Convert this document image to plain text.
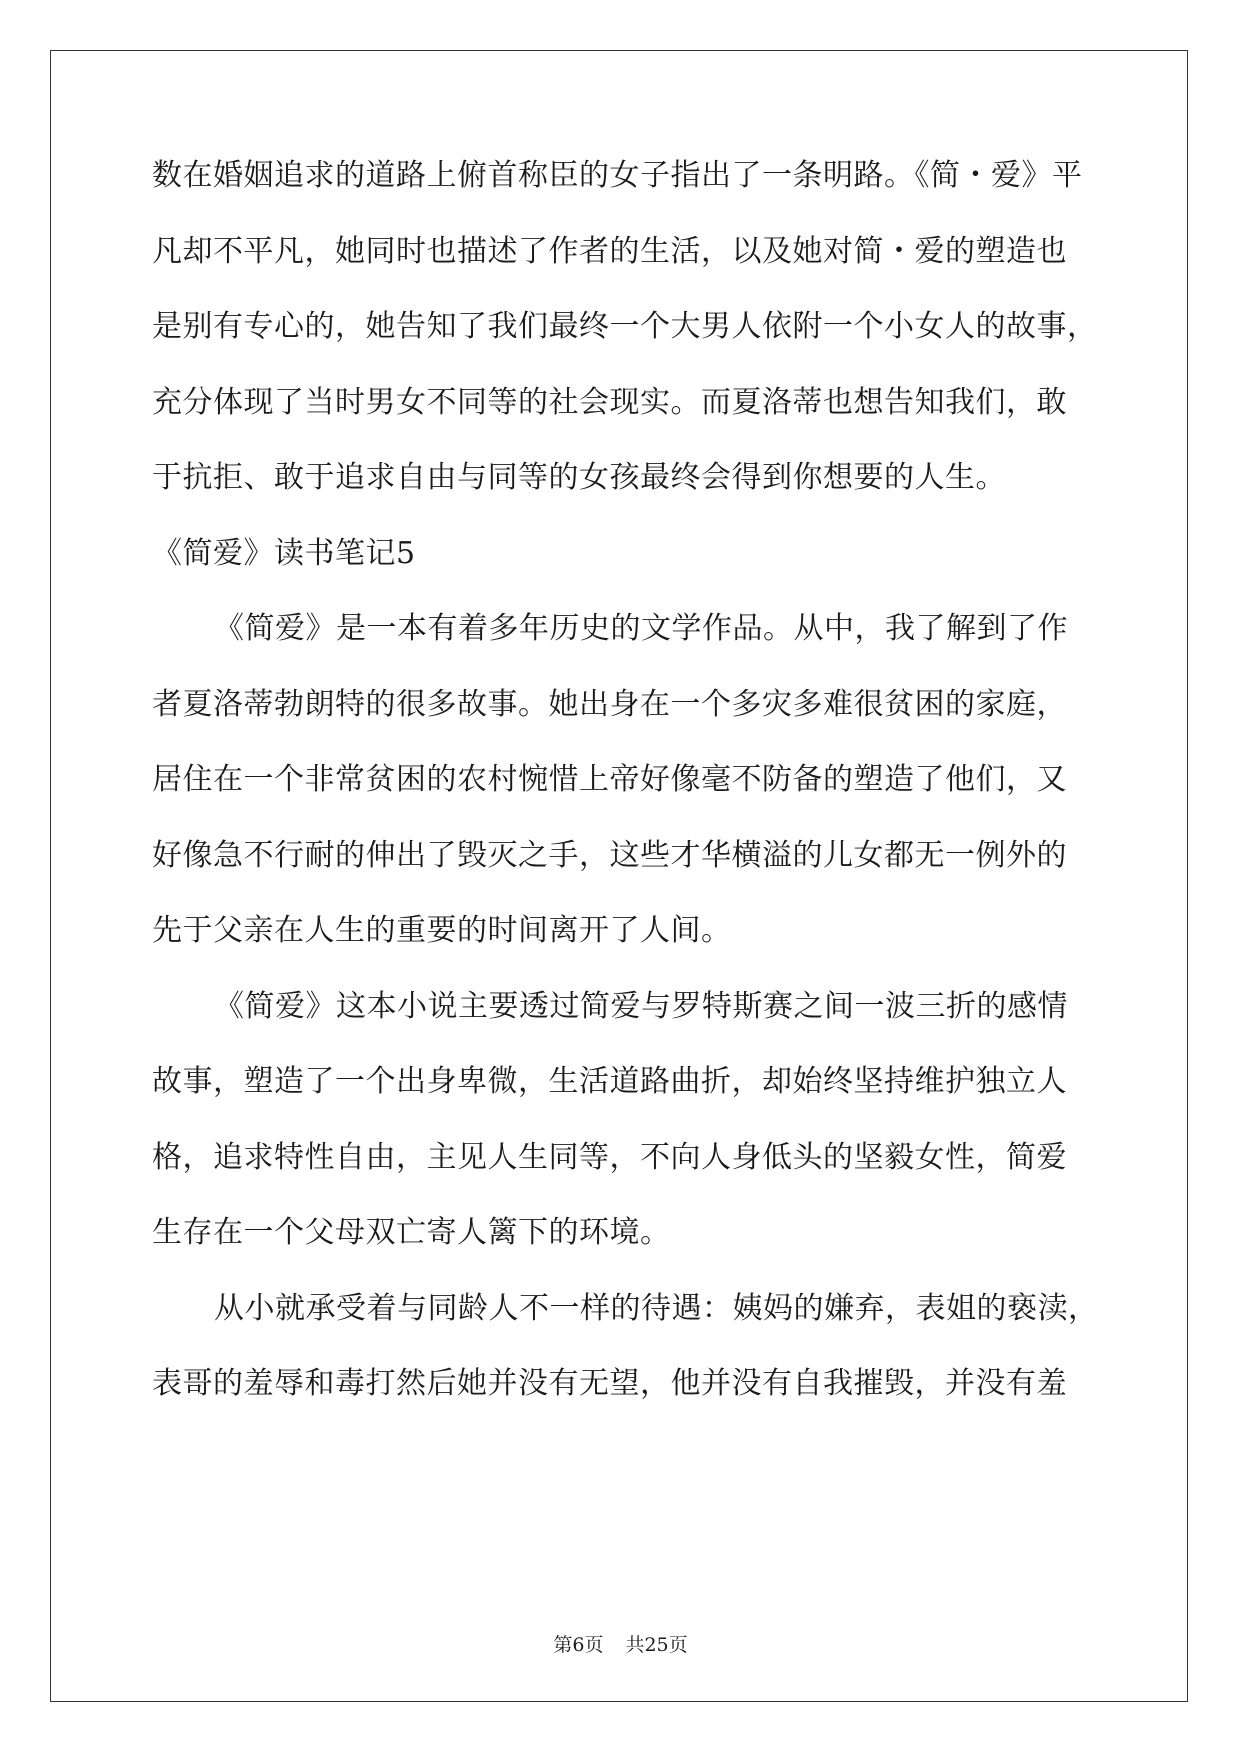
数在婚姻追求的道路上俯首称臣的女子指出了一条明路。《简・爱》平
凡却不平凡，她同时也描述了作者的生活，以及她对简・爱的塑造也
是别有专心的，她告知了我们最终一个大男人依附一个小女人的故事，
充分体现了当时男女不同等的社会现实。而夏洛蒂也想告知我们，敢
于抗拒、敢于追求自由与同等的女孩最终会得到你想要的人生。
《简爱》读书笔记5
《简爱》是一本有着多年历史的文学作品。从中，我了解到了作
者夏洛蒂勃朗特的很多故事。她出身在一个多灾多难很贫困的家庭，
居住在一个非常贫困的农村惋惜上帝好像毫不防备的塑造了他们，又
好像急不行耐的伸出了毁灭之手，这些才华横溢的儿女都无一例外的
先于父亲在人生的重要的时间离开了人间。
《简爱》这本小说主要透过简爱与罗特斯赛之间一波三折的感情
故事，塑造了一个出身卑微，生活道路曲折，却始终坚持维护独立人
格，追求特性自由，主见人生同等，不向人身低头的坚毅女性，简爱
生存在一个父母双亡寄人篱下的环境。
从小就承受着与同龄人不一样的待遇：姨妈的嫌弃，表姐的亵渎，
表哥的羞辱和毒打然后她并没有无望，他并没有自我摧毁，并没有羞
第6页 共25页
